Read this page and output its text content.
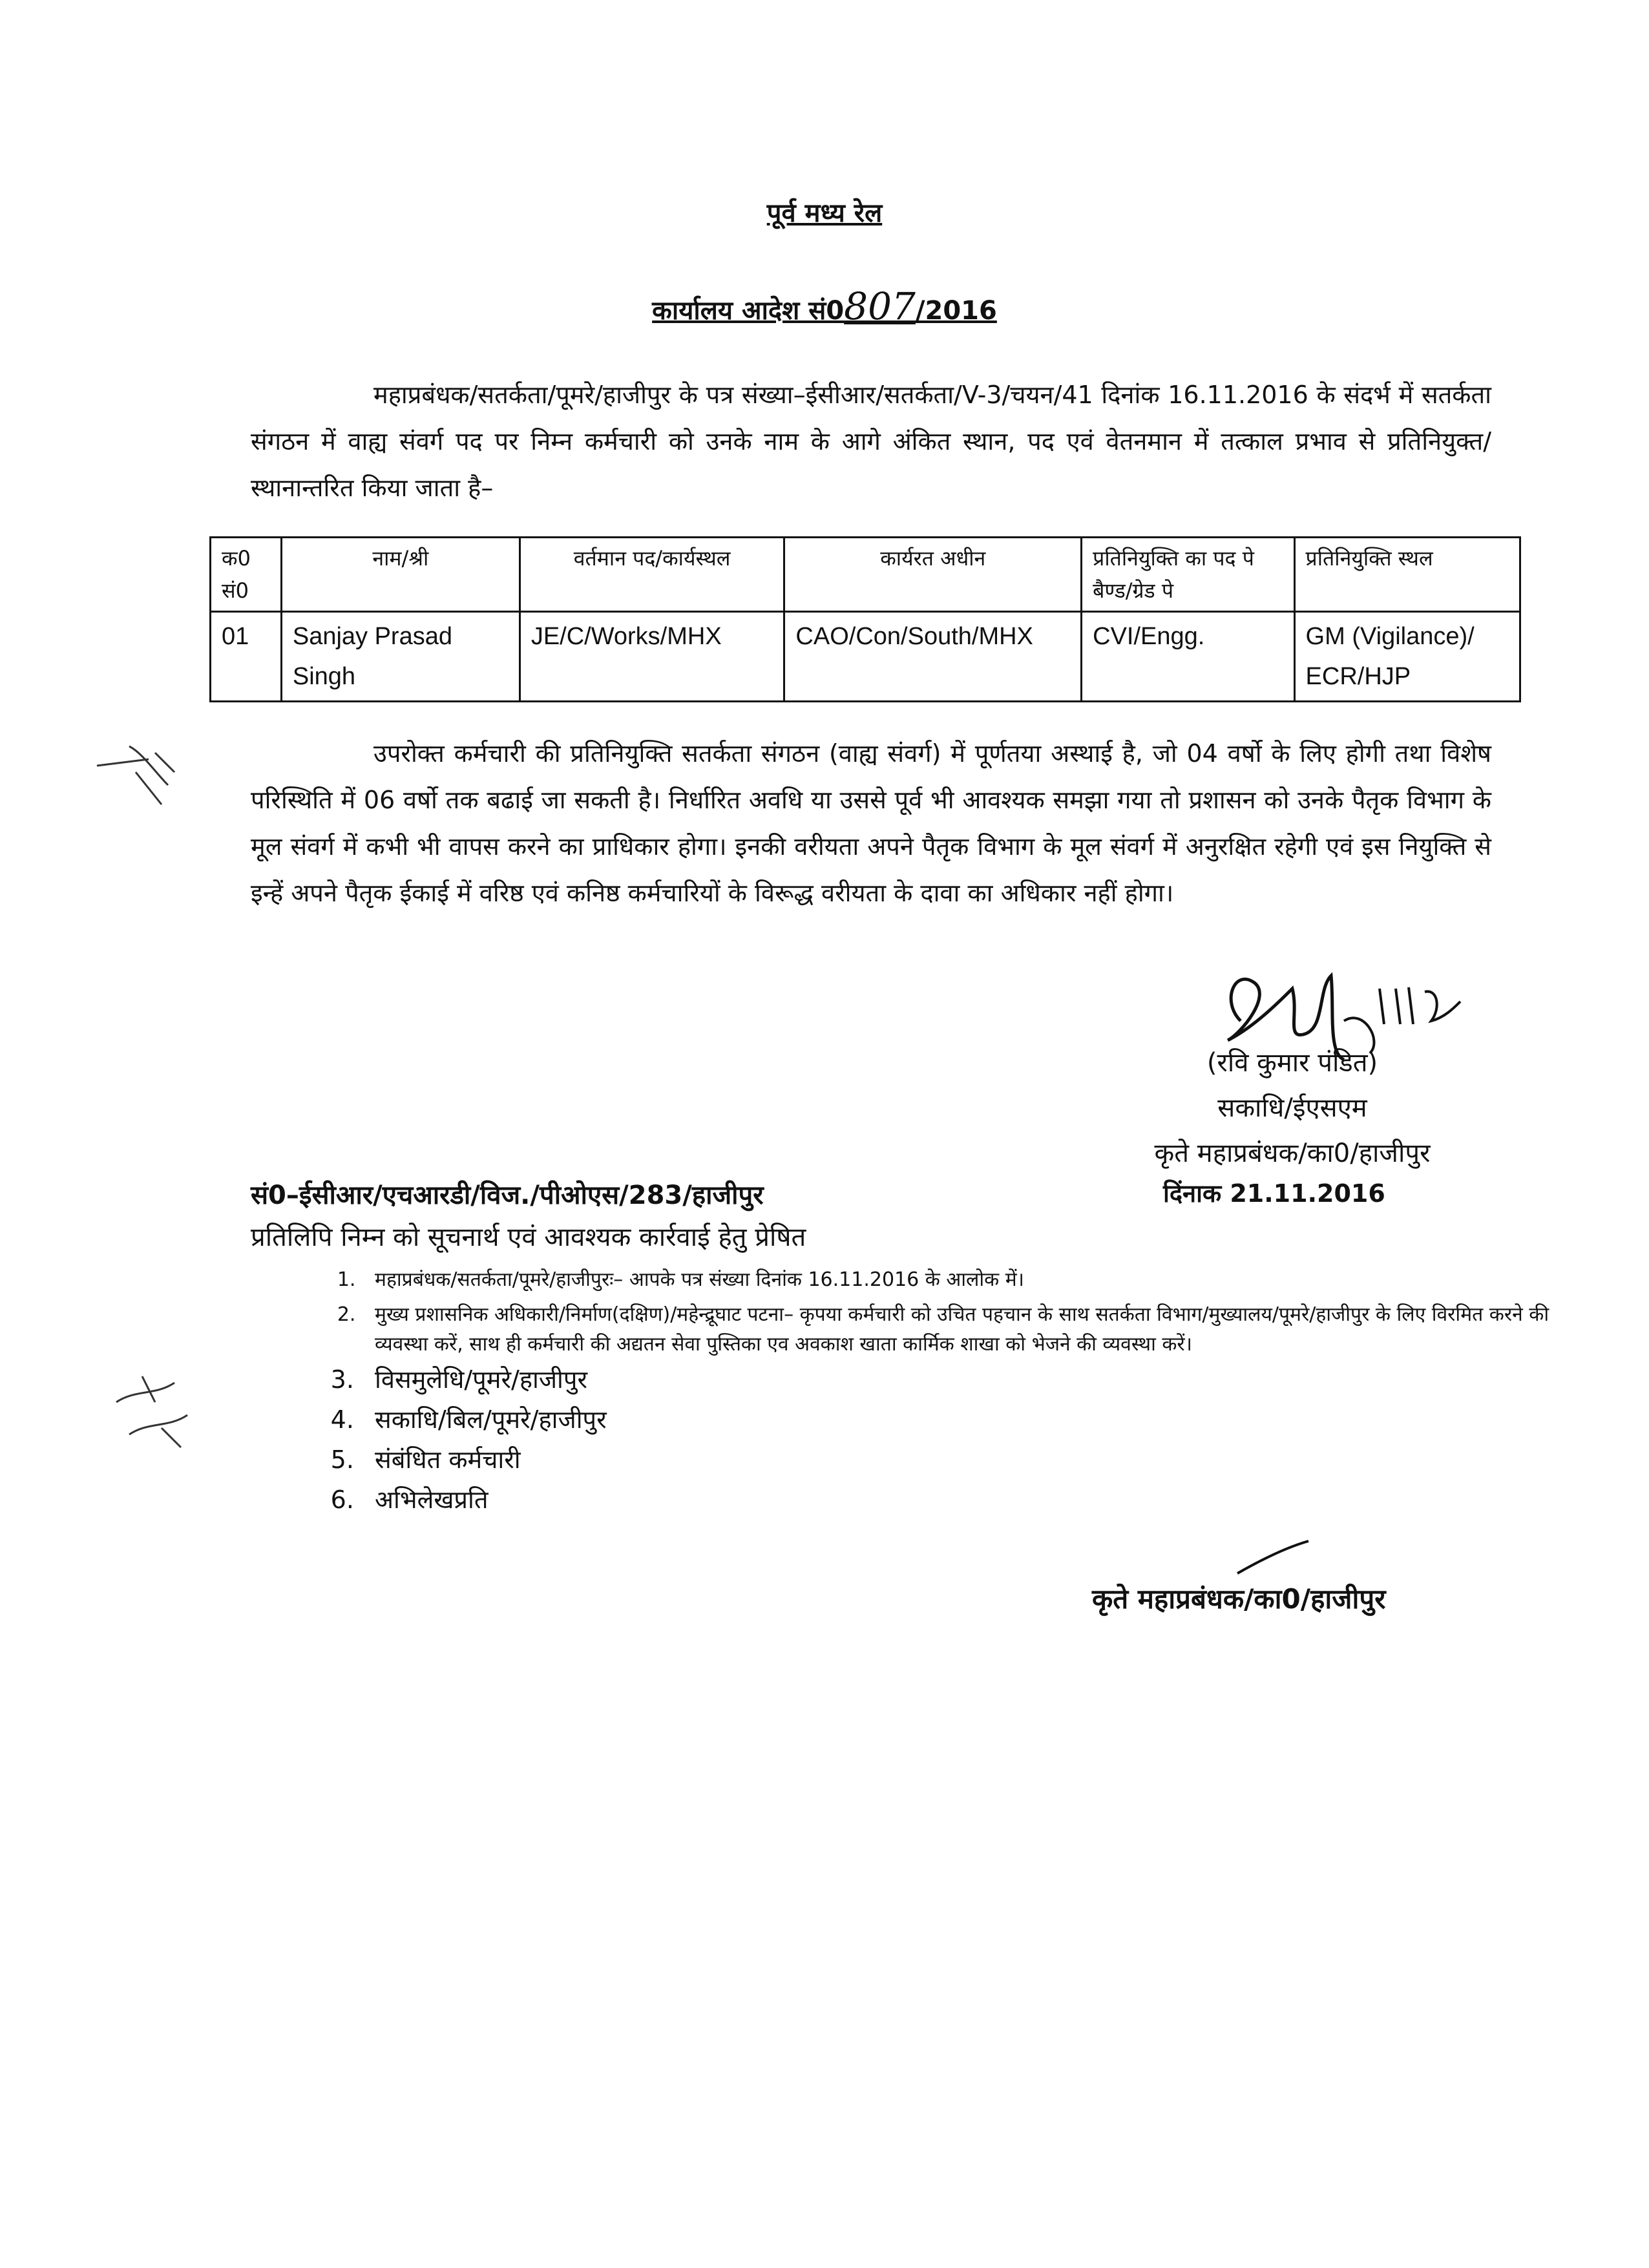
पूर्व मध्य रेल
कार्यालय आदेश सं0807/2016

महाप्रबंधक/सतर्कता/पूमरे/हाजीपुर के पत्र संख्या–ईसीआर/सतर्कता/V-3/चयन/41 दिनांक 16.11.2016 के संदर्भ में सतर्कता संगठन में वाह्य संवर्ग पद पर निम्न कर्मचारी को उनके नाम के आगे अंकित स्थान, पद एवं वेतनमान में तत्काल प्रभाव से प्रतिनियुक्त/स्थानान्तरित किया जाता है–

क0 सं0	नाम/श्री	वर्तमान पद/कार्यस्थल	कार्यरत अधीन	प्रतिनियुक्ति का पद पे बैण्ड/ग्रेड पे	प्रतिनियुक्ति स्थल
01	Sanjay Prasad Singh	JE/C/Works/MHX	CAO/Con/South/MHX	CVI/Engg.	GM (Vigilance)/ ECR/HJP

उपरोक्त कर्मचारी की प्रतिनियुक्ति सतर्कता संगठन (वाह्य संवर्ग) में पूर्णतया अस्थाई है, जो 04 वर्षो के लिए होगी तथा विशेष परिस्थिति में 06 वर्षो तक बढाई जा सकती है। निर्धारित अवधि या उससे पूर्व भी आवश्यक समझा गया तो प्रशासन को उनके पैतृक विभाग के मूल संवर्ग में कभी भी वापस करने का प्राधिकार होगा। इनकी वरीयता अपने पैतृक विभाग के मूल संवर्ग में अनुरक्षित रहेगी एवं इस नियुक्ति से इन्हें अपने पैतृक ईकाई में वरिष्ठ एवं कनिष्ठ कर्मचारियों के विरूद्ध वरीयता के दावा का अधिकार नहीं होगा।

(रवि कुमार पंडित)
सकाधि/ईएसएम
कृते महाप्रबंधक/का0/हाजीपुर
सं0–ईसीआर/एचआरडी/विज./पीओएस/283/हाजीपुर	दिंनाक 21.11.2016
प्रतिलिपि निम्न को सूचनार्थ एवं आवश्यक कार्रवाई हेतु प्रेषित
1. महाप्रबंधक/सतर्कता/पूमरे/हाजीपुरः– आपके पत्र संख्या दिनांक 16.11.2016 के आलोक में।
2. मुख्य प्रशासनिक अधिकारी/निर्माण(दक्षिण)/महेन्द्रूघाट पटना– कृपया कर्मचारी को उचित पहचान के साथ सतर्कता विभाग/मुख्यालय/पूमरे/हाजीपुर के लिए विरमित करने की व्यवस्था करें, साथ ही कर्मचारी की अद्यतन सेवा पुस्तिका एव अवकाश खाता कार्मिक शाखा को भेजने की व्यवस्था करें।
3. विसमुलेधि/पूमरे/हाजीपुर
4. सकाधि/बिल/पूमरे/हाजीपुर
5. संबंधित कर्मचारी
6. अभिलेखप्रति
कृते महाप्रबंधक/का0/हाजीपुर
